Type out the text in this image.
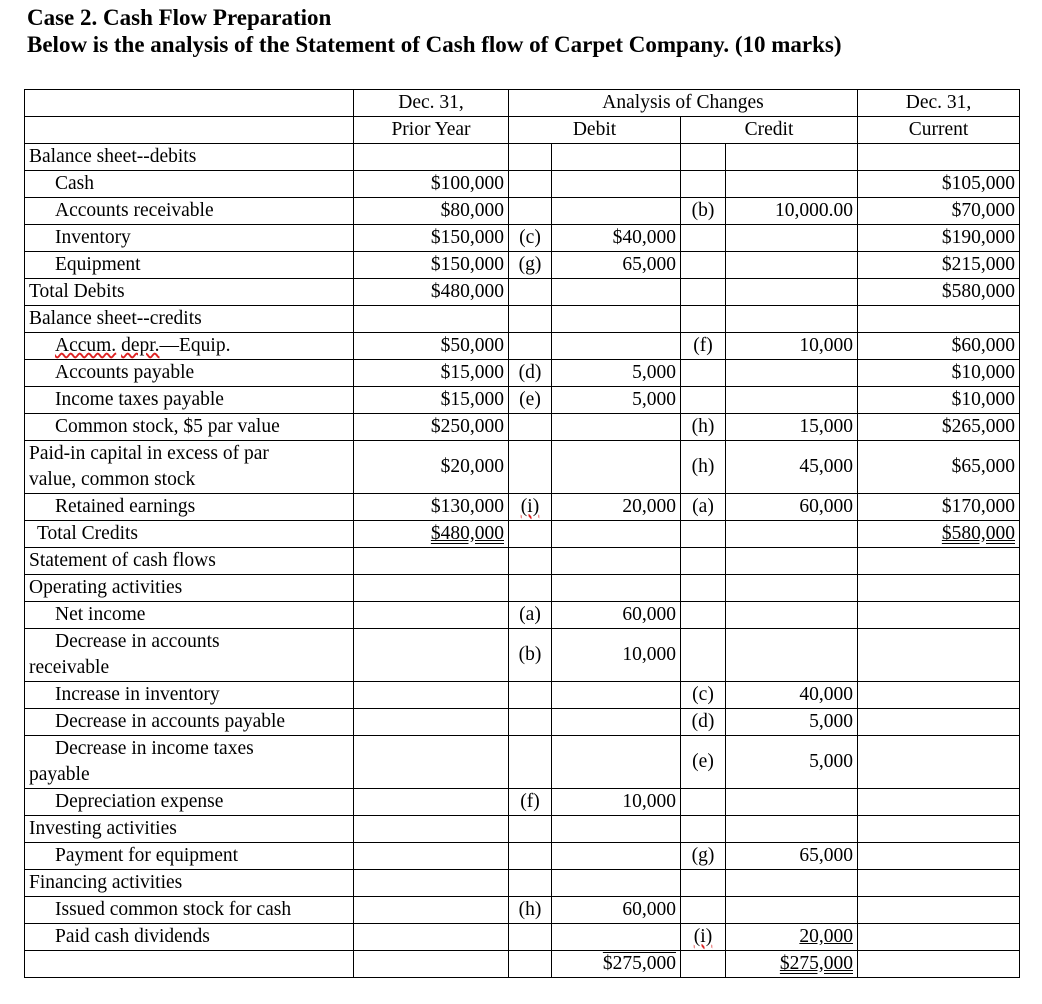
Case 2. Cash Flow Preparation
Below is the analysis of the Statement of Cash flow of Carpet Company. (10 marks)
	Dec. 31,	Analysis of Changes				Dec. 31,
	Prior Year	Debit		Credit		Current
Balance sheet--debits						
Cash	$100,000					$105,000
Accounts receivable	$80,000			(b)	10,000.00	$70,000
Inventory	$150,000	(c)	$40,000			$190,000
Equipment	$150,000	(g)	65,000			$215,000
Total Debits	$480,000					$580,000
Balance sheet--credits						
Accum. depr.—Equip.	$50,000			(f)	10,000	$60,000
Accounts payable	$15,000	(d)	5,000			$10,000
Income taxes payable	$15,000	(e)	5,000			$10,000
Common stock, $5 par value	$250,000			(h)	15,000	$265,000
Paid-in capital in excess of par
value, common stock	$20,000			(h)	45,000	$65,000
Retained earnings	$130,000	(i)	20,000	(a)	60,000	$170,000
Total Credits	$480,000					$580,000
Statement of cash flows						
Operating activities						
Net income		(a)	60,000			
Decrease in accounts
receivable		(b)	10,000			
Increase in inventory				(c)	40,000	
Decrease in accounts payable				(d)	5,000	
Decrease in income taxes
payable				(e)	5,000	
Depreciation expense		(f)	10,000			
Investing activities						
Payment for equipment				(g)	65,000	
Financing activities						
Issued common stock for cash		(h)	60,000			
Paid cash dividends				(i)	20,000	
			$275,000		$275,000	
